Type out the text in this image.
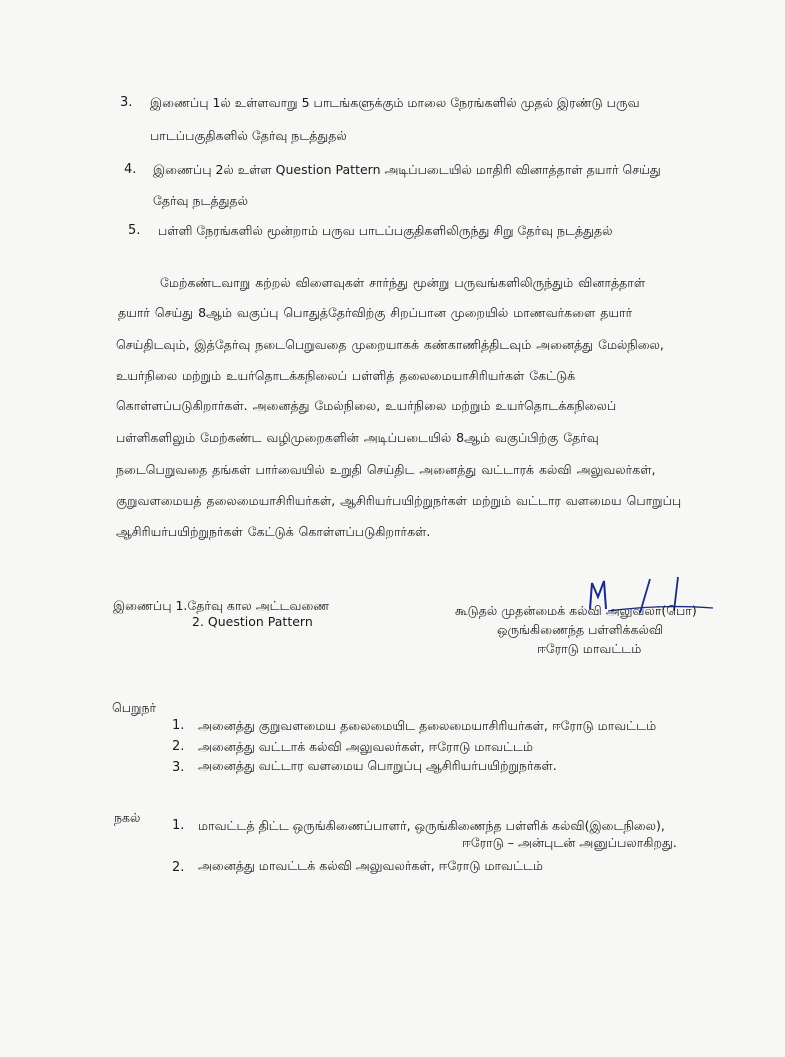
3. இணைப்பு 1ல் உள்ளவாறு 5 பாடங்களுக்கும் மாலை நேரங்களில் முதல் இரண்டு பருவ
பாடப்பகுதிகளில் தேர்வு நடத்துதல்
4. இணைப்பு 2ல் உள்ள Question Pattern அடிப்படையில் மாதிரி வினாத்தாள் தயார் செய்து
தேர்வு நடத்துதல்
5. பள்ளி நேரங்களில் மூன்றாம் பருவ பாடப்பகுதிகளிலிருந்து சிறு தேர்வு நடத்துதல்
மேற்கண்டவாறு கற்றல் விளைவுகள் சார்ந்து மூன்று பருவங்களிலிருந்தும் வினாத்தாள்
தயார் செய்து 8ஆம் வகுப்பு பொதுத்தேர்விற்கு சிறப்பான முறையில் மாணவர்களை தயார்
செய்திடவும், இத்தேர்வு நடைபெறுவதை முறையாகக் கண்காணித்திடவும் அனைத்து மேல்நிலை,
உயர்நிலை மற்றும் உயர்தொடக்கநிலைப் பள்ளித் தலைமையாசிரியர்கள் கேட்டுக்
கொள்ளப்படுகிறார்கள். அனைத்து மேல்நிலை, உயர்நிலை மற்றும் உயர்தொடக்கநிலைப்
பள்ளிகளிலும் மேற்கண்ட வழிமுறைகளின் அடிப்படையில் 8ஆம் வகுப்பிற்கு தேர்வு
நடைபெறுவதை தங்கள் பார்வையில் உறுதி செய்திட அனைத்து வட்டாரக் கல்வி அலுவலர்கள்,
குறுவளமையத் தலைமையாசிரியர்கள், ஆசிரியர்பயிற்றுநர்கள் மற்றும் வட்டார வளமைய பொறுப்பு
ஆசிரியர்பயிற்றுநர்கள் கேட்டுக் கொள்ளப்படுகிறார்கள்.
இணைப்பு 1.தேர்வு கால அட்டவணை
2. Question Pattern
கூடுதல் முதன்மைக் கல்வி அலுவலர்(பொ)
ஒருங்கிணைந்த பள்ளிக்கல்வி
ஈரோடு மாவட்டம்
பெறுநர்
1. அனைத்து குறுவளமைய தலைமையிட தலைமையாசிரியர்கள், ஈரோடு மாவட்டம்
2. அனைத்து வட்டாக் கல்வி அலுவலர்கள், ஈரோடு மாவட்டம்
3. அனைத்து வட்டார வளமைய பொறுப்பு ஆசிரியர்பயிற்றுநர்கள்.
நகல்
1. மாவட்டத் திட்ட ஒருங்கிணைப்பாளர், ஒருங்கிணைந்த பள்ளிக் கல்வி(இடைநிலை),
ஈரோடு – அன்புடன் அனுப்பலாகிறது.
2. அனைத்து மாவட்டக் கல்வி அலுவலர்கள், ஈரோடு மாவட்டம்
